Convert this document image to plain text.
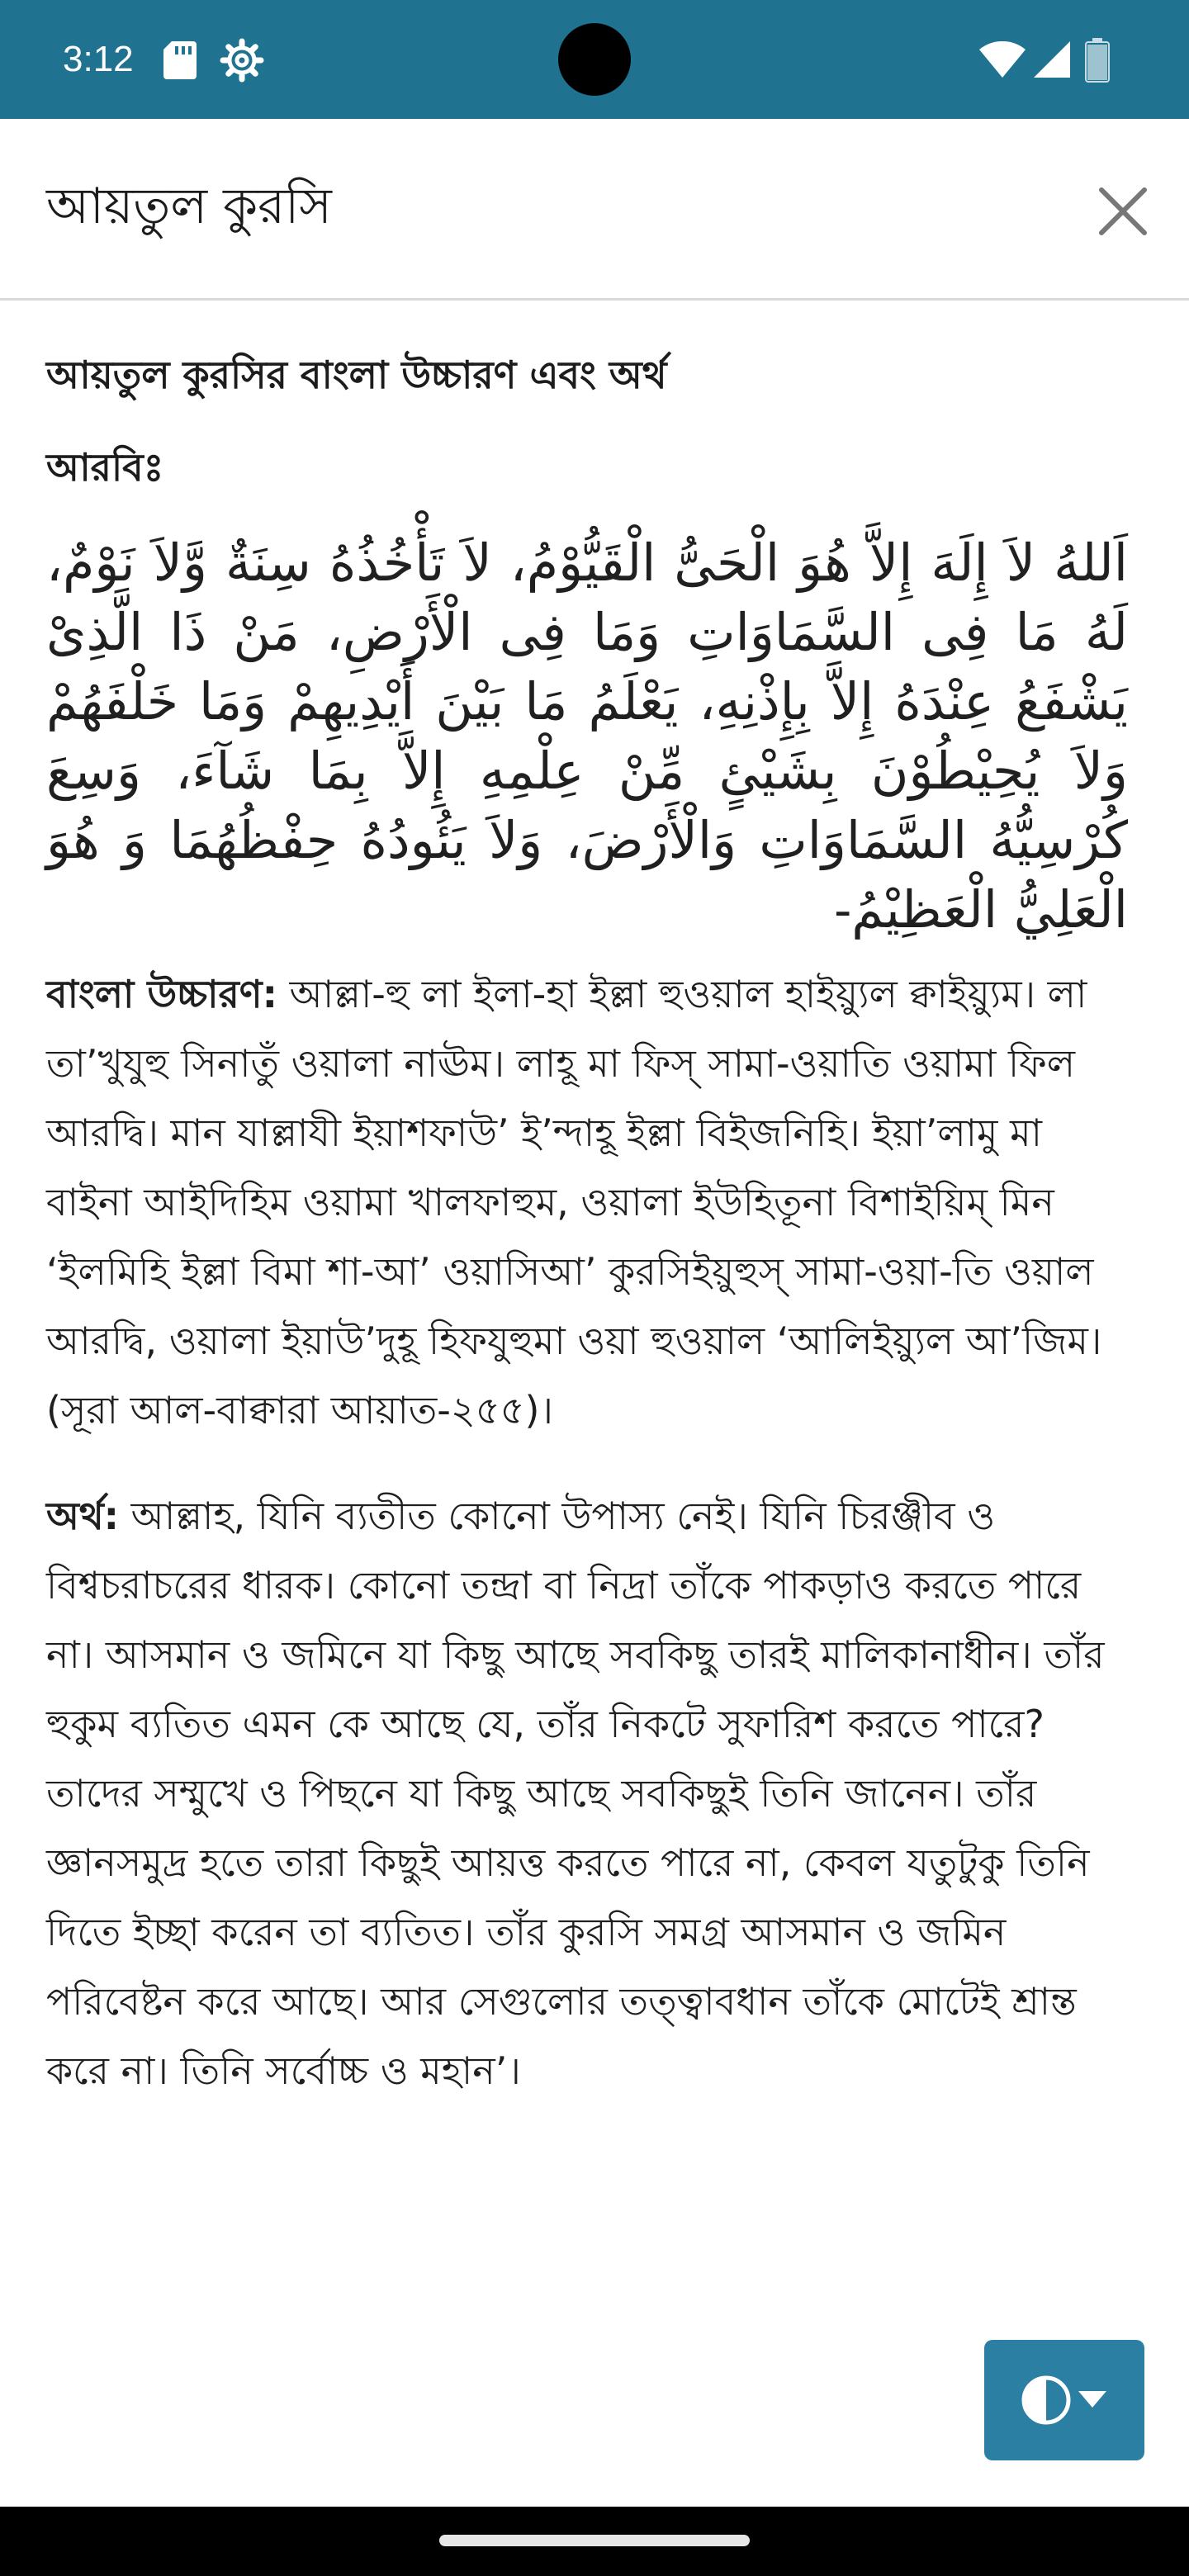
3:12
আয়তুল কুরসি

আয়তুল কুরসির বাংলা উচ্চারণ এবং অর্থ

আরবিঃ

اَللهُ لاَ إِلَهَ إِلاَّ هُوَ الْحَىُّ الْقَيُّوْمُ، لاَ تَأْخُذُهُ سِنَةٌ وَّلاَ نَوْمٌ، لَهُ مَا فِى السَّمَاوَاتِ وَمَا فِى الْأَرْضِ، مَنْ ذَا الَّذِىْ يَشْفَعُ عِنْدَهُ إِلاَّ بِإِذْنِهِ، يَعْلَمُ مَا بَيْنَ أَيْدِيهِمْ وَمَا خَلْفَهُمْ وَلاَ يُحِيْطُوْنَ بِشَيْئٍ مِّنْ عِلْمِهِ إِلاَّ بِمَا شَآءَ، وَسِعَ كُرْسِيُّهُ السَّمَاوَاتِ وَالْأَرْضَ، وَلاَ يَئُودُهُ حِفْظُهُمَا وَ هُوَ الْعَلِيُّ الْعَظِيْمُ-

বাংলা উচ্চারণ: আল্লা-হু লা ইলা-হা ইল্লা হুওয়াল হাইয়্যুল ক্বাইয়্যুম। লা তা’খুযুহু সিনাতুঁ ওয়ালা নাঊম। লাহূ মা ফিস্ সামা-ওয়াতি ওয়ামা ফিল আরদ্বি। মান যাল্লাযী ইয়াশফাউ’ ই’ন্দাহূ ইল্লা বিইজনিহি। ইয়া’লামু মা বাইনা আইদিহিম ওয়ামা খালফাহুম, ওয়ালা ইউহিতূনা বিশাইয়িম্ মিন ‘ইলমিহি ইল্লা বিমা শা-আ’ ওয়াসিআ’ কুরসিইয়ুহুস্ সামা-ওয়া-তি ওয়াল আরদ্বি, ওয়ালা ইয়াউ’দুহূ হিফযুহুমা ওয়া হুওয়াল ‘আলিইয়্যুল আ’জিম। (সূরা আল-বাক্বারা আয়াত-২৫৫)।

অর্থ: আল্লাহ, যিনি ব্যতীত কোনো উপাস্য নেই। যিনি চিরঞ্জীব ও বিশ্বচরাচরের ধারক। কোনো তন্দ্রা বা নিদ্রা তাঁকে পাকড়াও করতে পারে না। আসমান ও জমিনে যা কিছু আছে সবকিছু তারই মালিকানাধীন। তাঁর হুকুম ব্যতিত এমন কে আছে যে, তাঁর নিকটে সুফারিশ করতে পারে? তাদের সম্মুখে ও পিছনে যা কিছু আছে সবকিছুই তিনি জানেন। তাঁর জ্ঞানসমুদ্র হতে তারা কিছুই আয়ত্ত করতে পারে না, কেবল যতুটুকু তিনি দিতে ইচ্ছা করেন তা ব্যতিত। তাঁর কুরসি সমগ্র আসমান ও জমিন পরিবেষ্টন করে আছে। আর সেগুলোর তত্ত্বাবধান তাঁকে মোটেই শ্রান্ত করে না। তিনি সর্বোচ্চ ও মহান’।
